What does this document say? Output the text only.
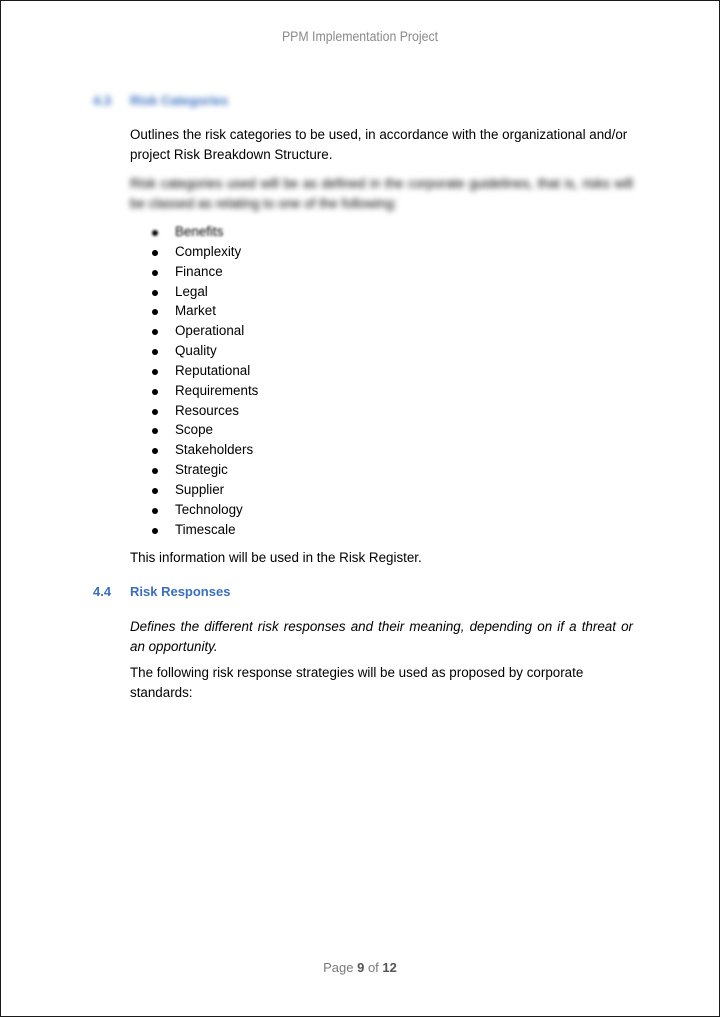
PPM Implementation Project
4.3 Risk Categories
Outlines the risk categories to be used, in accordance with the organizational and/or project Risk Breakdown Structure.
Risk categories used will be as defined in the corporate guidelines, that is, risks will be classed as relating to one of the following:
Benefits
Complexity
Finance
Legal
Market
Operational
Quality
Reputational
Requirements
Resources
Scope
Stakeholders
Strategic
Supplier
Technology
Timescale
This information will be used in the Risk Register.
4.4 Risk Responses
Defines the different risk responses and their meaning, depending on if a threat or an opportunity.
The following risk response strategies will be used as proposed by corporate standards:
Page 9 of 12
